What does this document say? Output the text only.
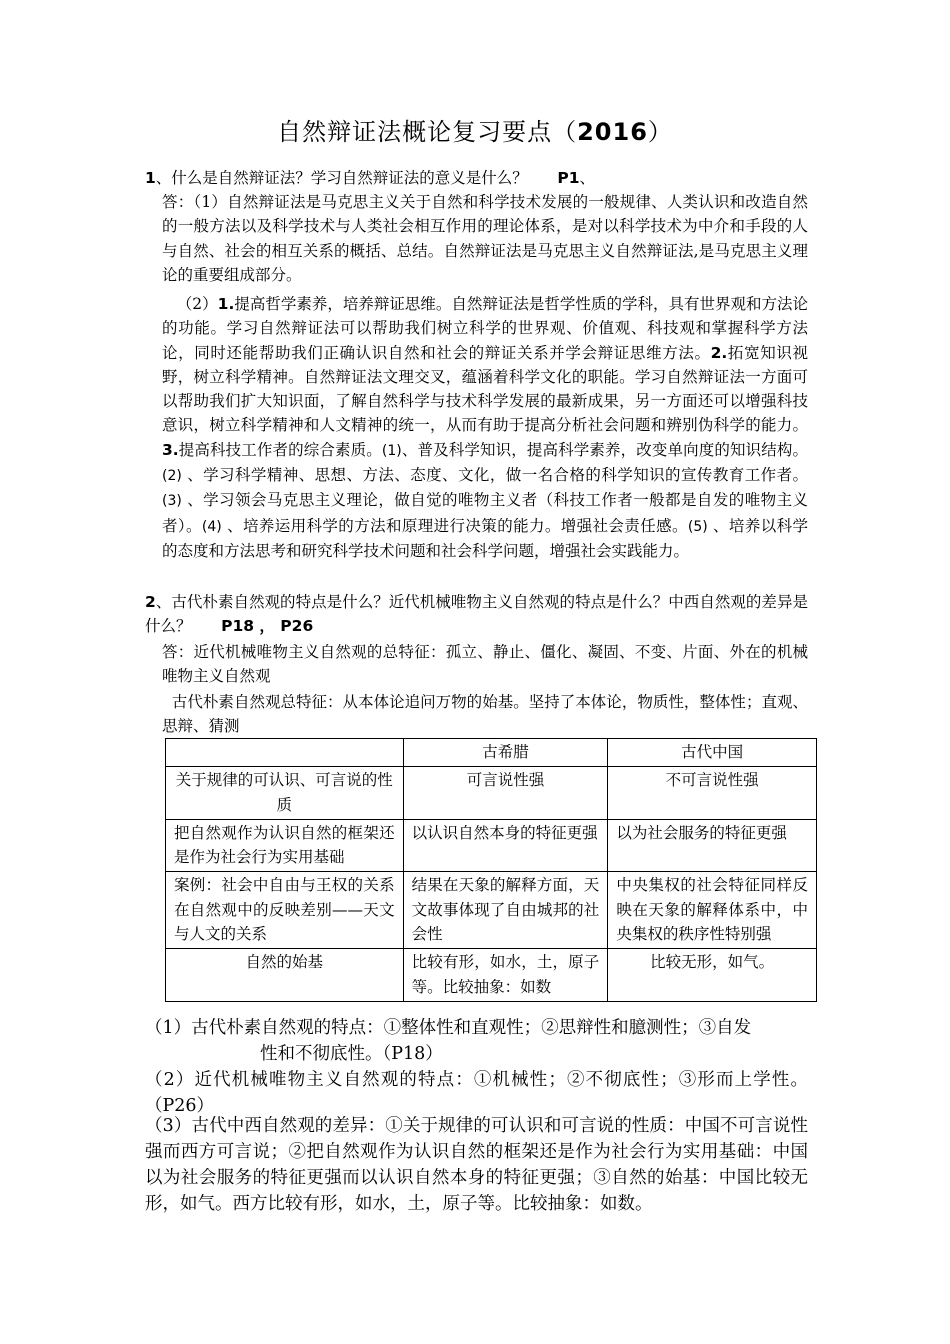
自然辩证法概论复习要点（2016）

1、什么是自然辩证法？学习自然辩证法的意义是什么？ P1、

答：（1）自然辩证法是马克思主义关于自然和科学技术发展的一般规律、人类认识和改造自然的一般方法以及科学技术与人类社会相互作用的理论体系，是对以科学技术为中介和手段的人与自然、社会的相互关系的概括、总结。自然辩证法是马克思主义自然辩证法,是马克思主义理论的重要组成部分。

（2）1.提高哲学素养，培养辩证思维。自然辩证法是哲学性质的学科，具有世界观和方法论的功能。学习自然辩证法可以帮助我们树立科学的世界观、价值观、科技观和掌握科学方法论，同时还能帮助我们正确认识自然和社会的辩证关系并学会辩证思维方法。2.拓宽知识视野，树立科学精神。自然辩证法文理交叉，蕴涵着科学文化的职能。学习自然辩证法一方面可以帮助我们扩大知识面，了解自然科学与技术科学发展的最新成果，另一方面还可以增强科技意识，树立科学精神和人文精神的统一，从而有助于提高分析社会问题和辨别伪科学的能力。3.提高科技工作者的综合素质。(1)、普及科学知识，提高科学素养，改变单向度的知识结构。(2) 、学习科学精神、思想、方法、态度、文化，做一名合格的科学知识的宣传教育工作者。(3) 、学习领会马克思主义理论，做自觉的唯物主义者（科技工作者一般都是自发的唯物主义者）。(4) 、培养运用科学的方法和原理进行决策的能力。增强社会责任感。(5) 、培养以科学的态度和方法思考和研究科学技术问题和社会科学问题，增强社会实践能力。

2、古代朴素自然观的特点是什么？近代机械唯物主义自然观的特点是什么？中西自然观的差异是什么？ P18 ， P26

答：近代机械唯物主义自然观的总特征：孤立、静止、僵化、凝固、不变、片面、外在的机械唯物主义自然观

古代朴素自然观总特征：从本体论追问万物的始基。坚持了本体论，物质性，整体性；直观、思辩、猜测

	古希腊	古代中国
关于规律的可认识、可言说的性质	可言说性强	不可言说性强
把自然观作为认识自然的框架还是作为社会行为实用基础	以认识自然本身的特征更强	以为社会服务的特征更强
案例：社会中自由与王权的关系在自然观中的反映差别——天文与人文的关系	结果在天象的解释方面，天文故事体现了自由城邦的社会性	中央集权的社会特征同样反映在天象的解释体系中，中央集权的秩序性特别强
自然的始基	比较有形，如水，土，原子等。比较抽象：如数	比较无形，如气。

（1）古代朴素自然观的特点：①整体性和直观性；②思辩性和臆测性；③自发

性和不彻底性。（P18）

（2）近代机械唯物主义自然观的特点：①机械性；②不彻底性；③形而上学性。（P26）

（3）古代中西自然观的差异：①关于规律的可认识和可言说的性质：中国不可言说性强而西方可言说；②把自然观作为认识自然的框架还是作为社会行为实用基础：中国以为社会服务的特征更强而以认识自然本身的特征更强；③自然的始基：中国比较无形，如气。西方比较有形，如水，土，原子等。比较抽象：如数。
